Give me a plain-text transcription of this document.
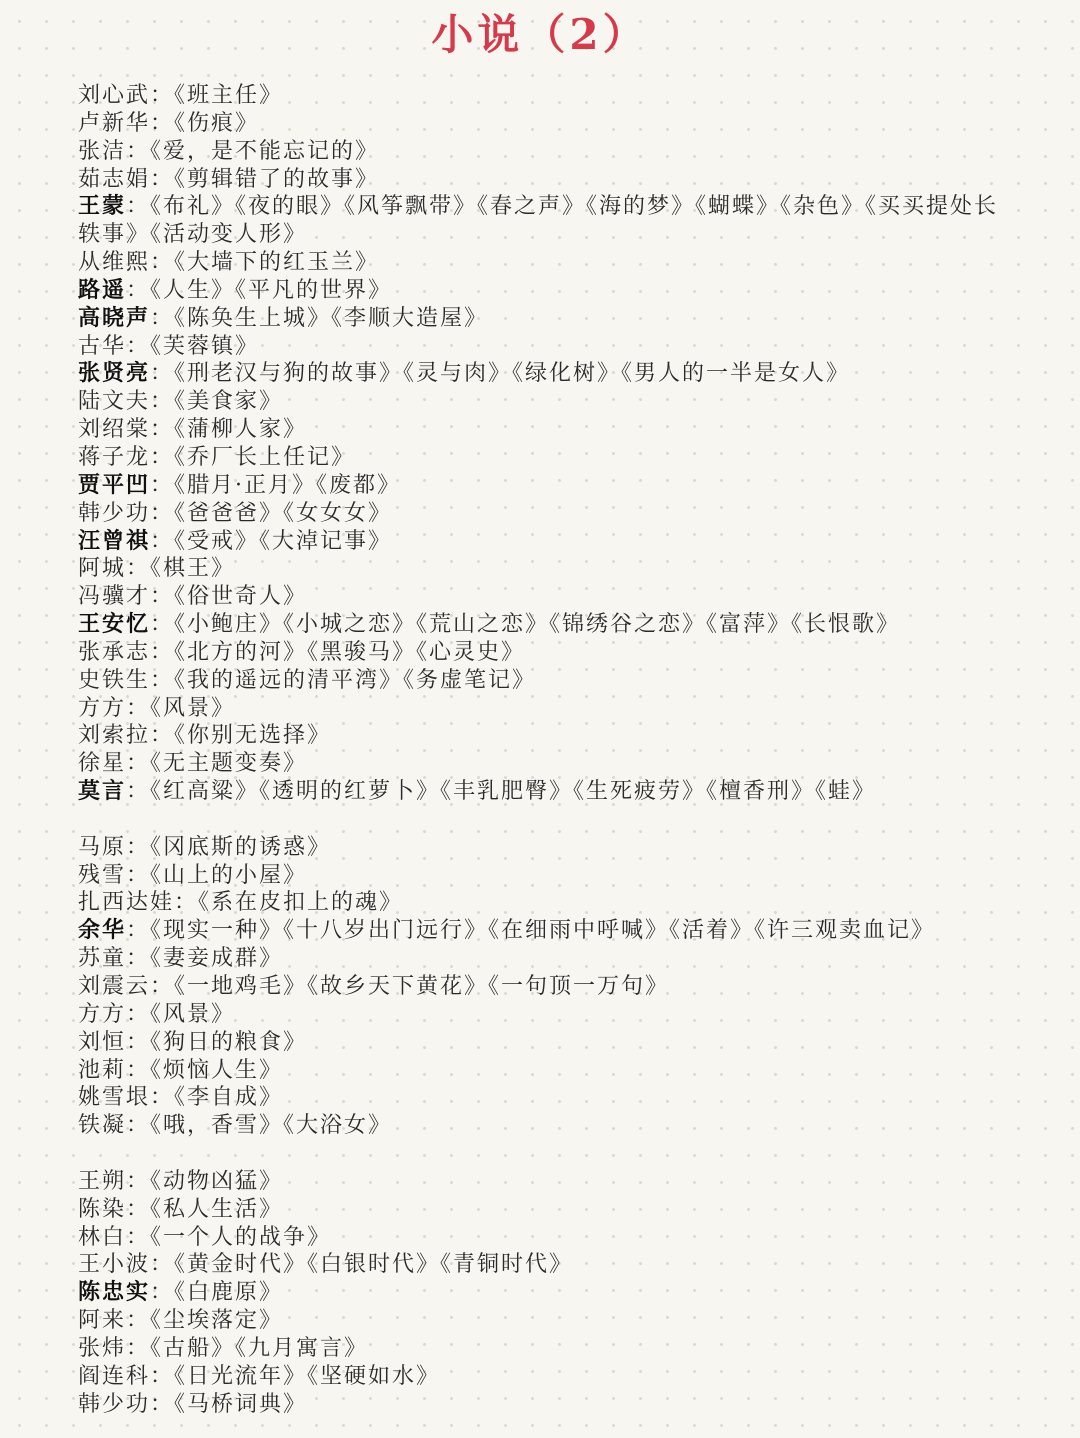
小说（2）
刘心武：《班主任》
卢新华：《伤痕》
张洁：《爱，是不能忘记的》
茹志娟：《剪辑错了的故事》
王蒙：《布礼》《夜的眼》《风筝飘带》《春之声》《海的梦》《蝴蝶》《杂色》《买买提处长轶事》《活动变人形》
从维熙：《大墙下的红玉兰》
路遥：《人生》《平凡的世界》
高晓声：《陈奂生上城》《李顺大造屋》
古华：《芙蓉镇》
张贤亮：《刑老汉与狗的故事》《灵与肉》《绿化树》《男人的一半是女人》
陆文夫：《美食家》
刘绍棠：《蒲柳人家》
蒋子龙：《乔厂长上任记》
贾平凹：《腊月·正月》《废都》
韩少功：《爸爸爸》《女女女》
汪曾祺：《受戒》《大淖记事》
阿城：《棋王》
冯骥才：《俗世奇人》
王安忆：《小鲍庄》《小城之恋》《荒山之恋》《锦绣谷之恋》《富萍》《长恨歌》
张承志：《北方的河》《黑骏马》《心灵史》
史铁生：《我的遥远的清平湾》《务虚笔记》
方方：《风景》
刘索拉：《你别无选择》
徐星：《无主题变奏》
莫言：《红高粱》《透明的红萝卜》《丰乳肥臀》《生死疲劳》《檀香刑》《蛙》
马原：《冈底斯的诱惑》
残雪：《山上的小屋》
扎西达娃：《系在皮扣上的魂》
余华：《现实一种》《十八岁出门远行》《在细雨中呼喊》《活着》《许三观卖血记》
苏童：《妻妾成群》
刘震云：《一地鸡毛》《故乡天下黄花》《一句顶一万句》
方方：《风景》
刘恒：《狗日的粮食》
池莉：《烦恼人生》
姚雪垠：《李自成》
铁凝：《哦，香雪》《大浴女》
王朔：《动物凶猛》
陈染：《私人生活》
林白：《一个人的战争》
王小波：《黄金时代》《白银时代》《青铜时代》
陈忠实：《白鹿原》
阿来：《尘埃落定》
张炜：《古船》《九月寓言》
阎连科：《日光流年》《坚硬如水》
韩少功：《马桥词典》
